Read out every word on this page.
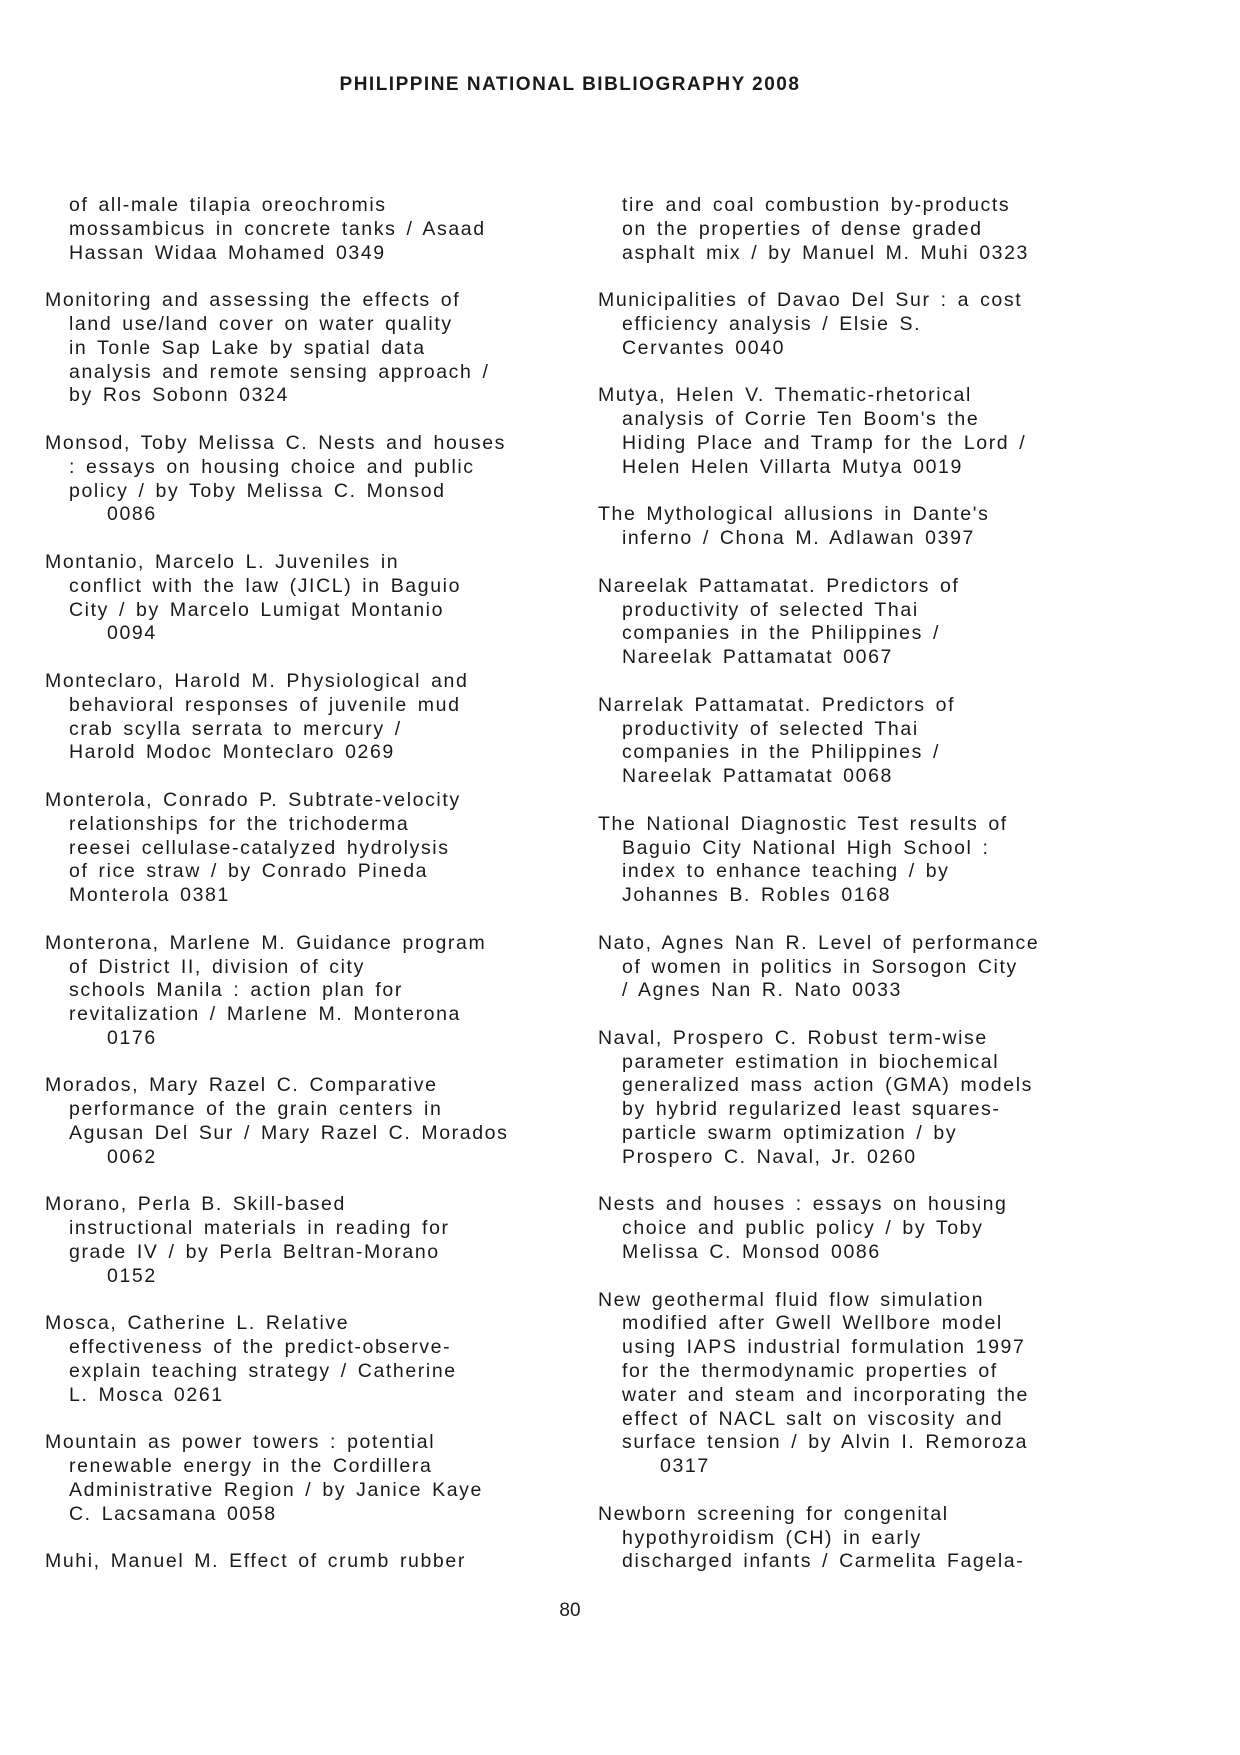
PHILIPPINE NATIONAL BIBLIOGRAPHY 2008
of all-male tilapia oreochromis
mossambicus in concrete tanks / Asaad
Hassan Widaa Mohamed 0349
Monitoring and assessing the effects of
land use/land cover on water quality
in Tonle Sap Lake by spatial data
analysis and remote sensing approach /
by Ros Sobonn 0324
Monsod, Toby Melissa C. Nests and houses
: essays on housing choice and public
policy / by Toby Melissa C. Monsod
0086
Montanio, Marcelo L. Juveniles in
conflict with the law (JICL) in Baguio
City / by Marcelo Lumigat Montanio
0094
Monteclaro, Harold M. Physiological and
behavioral responses of juvenile mud
crab scylla serrata to mercury /
Harold Modoc Monteclaro 0269
Monterola, Conrado P. Subtrate-velocity
relationships for the trichoderma
reesei cellulase-catalyzed hydrolysis
of rice straw / by Conrado Pineda
Monterola 0381
Monterona, Marlene M. Guidance program
of District II, division of city
schools Manila : action plan for
revitalization / Marlene M. Monterona
0176
Morados, Mary Razel C. Comparative
performance of the grain centers in
Agusan Del Sur / Mary Razel C. Morados
0062
Morano, Perla B. Skill-based
instructional materials in reading for
grade IV / by Perla Beltran-Morano
0152
Mosca, Catherine L. Relative
effectiveness of the predict-observe-
explain teaching strategy / Catherine
L. Mosca 0261
Mountain as power towers : potential
renewable energy in the Cordillera
Administrative Region / by Janice Kaye
C. Lacsamana 0058
Muhi, Manuel M. Effect of crumb rubber
tire and coal combustion by-products
on the properties of dense graded
asphalt mix / by Manuel M. Muhi 0323
Municipalities of Davao Del Sur : a cost
efficiency analysis / Elsie S.
Cervantes 0040
Mutya, Helen V. Thematic-rhetorical
analysis of Corrie Ten Boom's the
Hiding Place and Tramp for the Lord /
Helen Helen Villarta Mutya 0019
The Mythological allusions in Dante's
inferno / Chona M. Adlawan 0397
Nareelak Pattamatat. Predictors of
productivity of selected Thai
companies in the Philippines /
Nareelak Pattamatat 0067
Narrelak Pattamatat. Predictors of
productivity of selected Thai
companies in the Philippines /
Nareelak Pattamatat 0068
The National Diagnostic Test results of
Baguio City National High School :
index to enhance teaching / by
Johannes B. Robles 0168
Nato, Agnes Nan R. Level of performance
of women in politics in Sorsogon City
/ Agnes Nan R. Nato 0033
Naval, Prospero C. Robust term-wise
parameter estimation in biochemical
generalized mass action (GMA) models
by hybrid regularized least squares-
particle swarm optimization / by
Prospero C. Naval, Jr. 0260
Nests and houses : essays on housing
choice and public policy / by Toby
Melissa C. Monsod 0086
New geothermal fluid flow simulation
modified after Gwell Wellbore model
using IAPS industrial formulation 1997
for the thermodynamic properties of
water and steam and incorporating the
effect of NACL salt on viscosity and
surface tension / by Alvin I. Remoroza
0317
Newborn screening for congenital
hypothyroidism (CH) in early
discharged infants / Carmelita Fagela-
80
